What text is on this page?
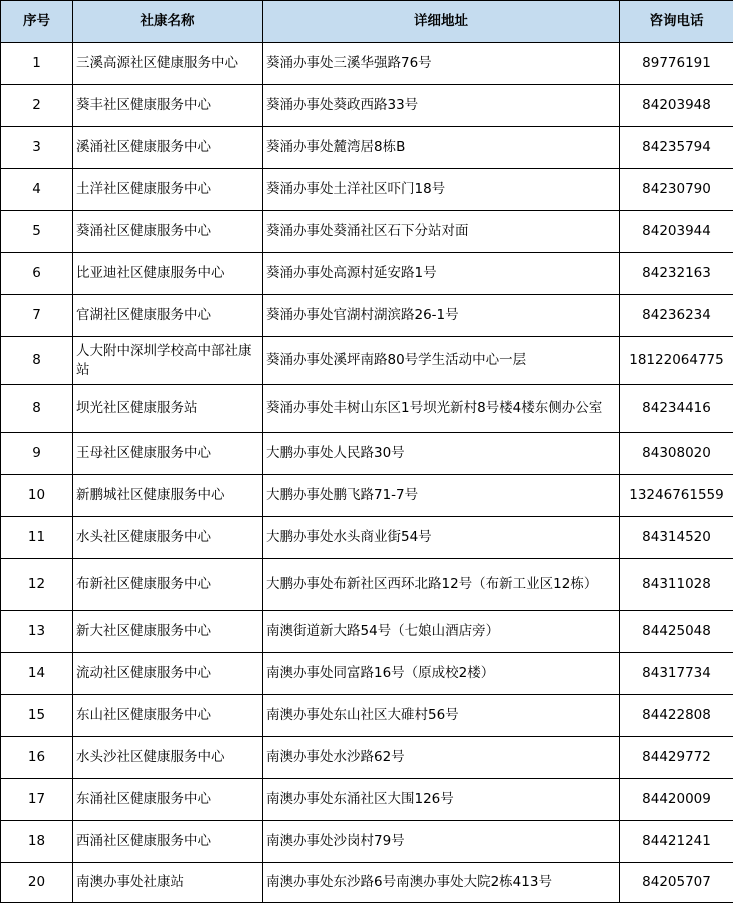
序号	社康名称	详细地址	咨询电话
1	三溪高源社区健康服务中心	葵涌办事处三溪华强路76号	89776191
2	葵丰社区健康服务中心	葵涌办事处葵政西路33号	84203948
3	溪涌社区健康服务中心	葵涌办事处麓湾居8栋B	84235794
4	土洋社区健康服务中心	葵涌办事处土洋社区吓门18号	84230790
5	葵涌社区健康服务中心	葵涌办事处葵涌社区石下分站对面	84203944
6	比亚迪社区健康服务中心	葵涌办事处高源村延安路1号	84232163
7	官湖社区健康服务中心	葵涌办事处官湖村湖滨路26-1号	84236234
8	人大附中深圳学校高中部社康站	葵涌办事处溪坪南路80号学生活动中心一层	18122064775
8	坝光社区健康服务站	葵涌办事处丰树山东区1号坝光新村8号楼4楼东侧办公室	84234416
9	王母社区健康服务中心	大鹏办事处人民路30号	84308020
10	新鹏城社区健康服务中心	大鹏办事处鹏飞路71-7号	13246761559
11	水头社区健康服务中心	大鹏办事处水头商业街54号	84314520
12	布新社区健康服务中心	大鹏办事处布新社区西环北路12号（布新工业区12栋）	84311028
13	新大社区健康服务中心	南澳街道新大路54号（七娘山酒店旁）	84425048
14	流动社区健康服务中心	南澳办事处同富路16号（原成校2楼）	84317734
15	东山社区健康服务中心	南澳办事处东山社区大碓村56号	84422808
16	水头沙社区健康服务中心	南澳办事处水沙路62号	84429772
17	东涌社区健康服务中心	南澳办事处东涌社区大围126号	84420009
18	西涌社区健康服务中心	南澳办事处沙岗村79号	84421241
20	南澳办事处社康站	南澳办事处东沙路6号南澳办事处大院2栋413号	84205707
